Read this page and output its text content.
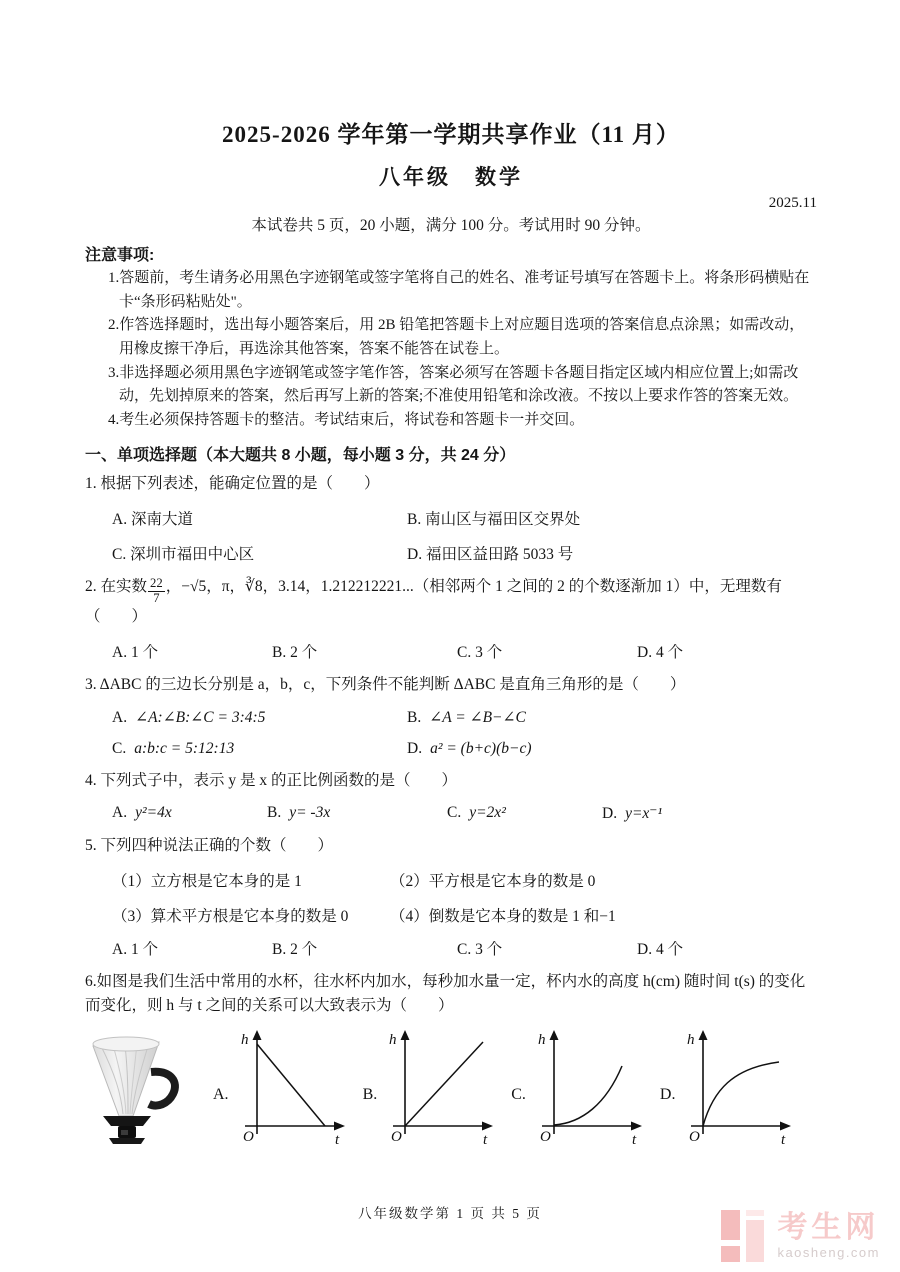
2025-2026 学年第一学期共享作业（11 月）
八年级　数学
2025.11
本试卷共 5 页，20 小题，满分 100 分。考试用时 90 分钟。
注意事项:
1.答题前，考生请务必用黑色字迹钢笔或签字笔将自己的姓名、准考证号填写在答题卡上。将条形码横贴在卡“条形码粘贴处"。
2.作答选择题时，选出每小题答案后，用 2B 铅笔把答题卡上对应题目选项的答案信息点涂黑；如需改动，用橡皮擦干净后，再选涂其他答案，答案不能答在试卷上。
3.非选择题必须用黑色字迹钢笔或签字笔作答，答案必须写在答题卡各题目指定区域内相应位置上;如需改动，先划掉原来的答案，然后再写上新的答案;不准使用铅笔和涂改液。不按以上要求作答的答案无效。
4.考生必须保持答题卡的整洁。考试结束后，将试卷和答题卡一并交回。
一、单项选择题（本大题共 8 小题，每小题 3 分，共 24 分）
1. 根据下列表述，能确定位置的是（　　）
A. 深南大道	B. 南山区与福田区交界处
C. 深圳市福田中心区	D. 福田区益田路 5033 号
2. 在实数 $\frac{22}{7}$ ，−√5，π，∛8，3.14，1.212212221...（相邻两个 1 之间的 2 的个数逐渐加 1）中，无理数有（　　）
A. 1 个	B. 2 个	C. 3 个	D. 4 个
3. ΔABC 的三边长分别是 a，b，c，下列条件不能判断 ΔABC 是直角三角形的是（　　）
A. ∠A:∠B:∠C = 3:4:5	B. ∠A = ∠B−∠C
C. a:b:c = 5:12:13	D. a² = (b+c)(b−c)
4. 下列式子中，表示 y 是 x 的正比例函数的是（　　）
A. y²=4x	B. y= -3x	C. y=2x²	D. y=x⁻¹
5. 下列四种说法正确的个数（　　）
（1）立方根是它本身的是 1	（2）平方根是它本身的数是 0
（3）算术平方根是它本身的数是 0	（4）倒数是它本身的数是 1 和−1
A. 1 个	B. 2 个	C. 3 个	D. 4 个
6.如图是我们生活中常用的水杯，往水杯内加水，每秒加水量一定，杯内水的高度 h(cm) 随时间 t(s) 的变化而变化，则 h 与 t 之间的关系可以大致表示为（　　）
A.
h
t
O
B.
h
t
O
C.
h
t
O
D.
h
t
O
八年级数学第 1 页 共 5 页	考生网
kaosheng.com
